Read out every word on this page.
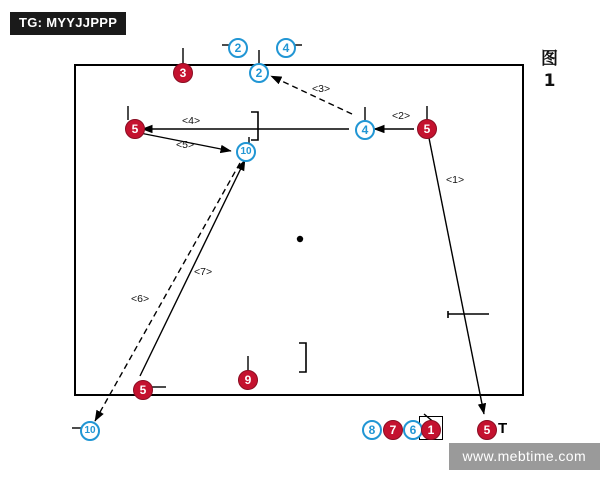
<1>
<2>
<3>
<4>
<5>
<6>
<7>
T
3
2	4
2
5	4	5
10
5
9
10	8	7	6 1	5
TG: MYYJJPPP
图
1
www.mebtime.com
